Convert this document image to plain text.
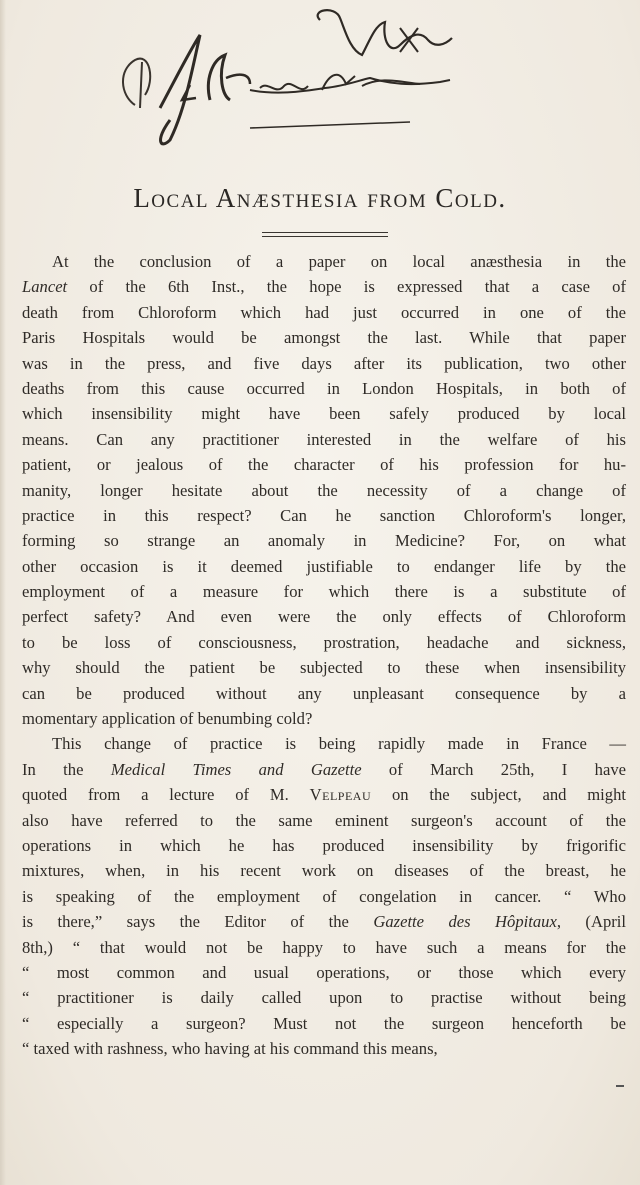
Local Anæsthesia from Cold.
At the conclusion of a paper on local anæsthesia in the
Lancet of the 6th Inst., the hope is expressed that a case of
death from Chloroform which had just occurred in one of the
Paris Hospitals would be amongst the last. While that paper
was in the press, and five days after its publication, two other
deaths from this cause occurred in London Hospitals, in both of
which insensibility might have been safely produced by local
means. Can any practitioner interested in the welfare of his
patient, or jealous of the character of his profession for hu-
manity, longer hesitate about the necessity of a change of
practice in this respect? Can he sanction Chloroform's longer,
forming so strange an anomaly in Medicine? For, on what
other occasion is it deemed justifiable to endanger life by the
employment of a measure for which there is a substitute of
perfect safety? And even were the only effects of Chloroform
to be loss of consciousness, prostration, headache and sickness,
why should the patient be subjected to these when insensibility
can be produced without any unpleasant consequence by a
momentary application of benumbing cold?
This change of practice is being rapidly made in France —
In the Medical Times and Gazette of March 25th, I have
quoted from a lecture of M. Velpeau on the subject, and might
also have referred to the same eminent surgeon's account of the
operations in which he has produced insensibility by frigorific
mixtures, when, in his recent work on diseases of the breast, he
is speaking of the employment of congelation in cancer. “ Who
is there,” says the Editor of the Gazette des Hôpitaux, (April
8th,) “ that would not be happy to have such a means for the
“ most common and usual operations, or those which every
“ practitioner is daily called upon to practise without being
“ especially a surgeon? Must not the surgeon henceforth be
“ taxed with rashness, who having at his command this means,
